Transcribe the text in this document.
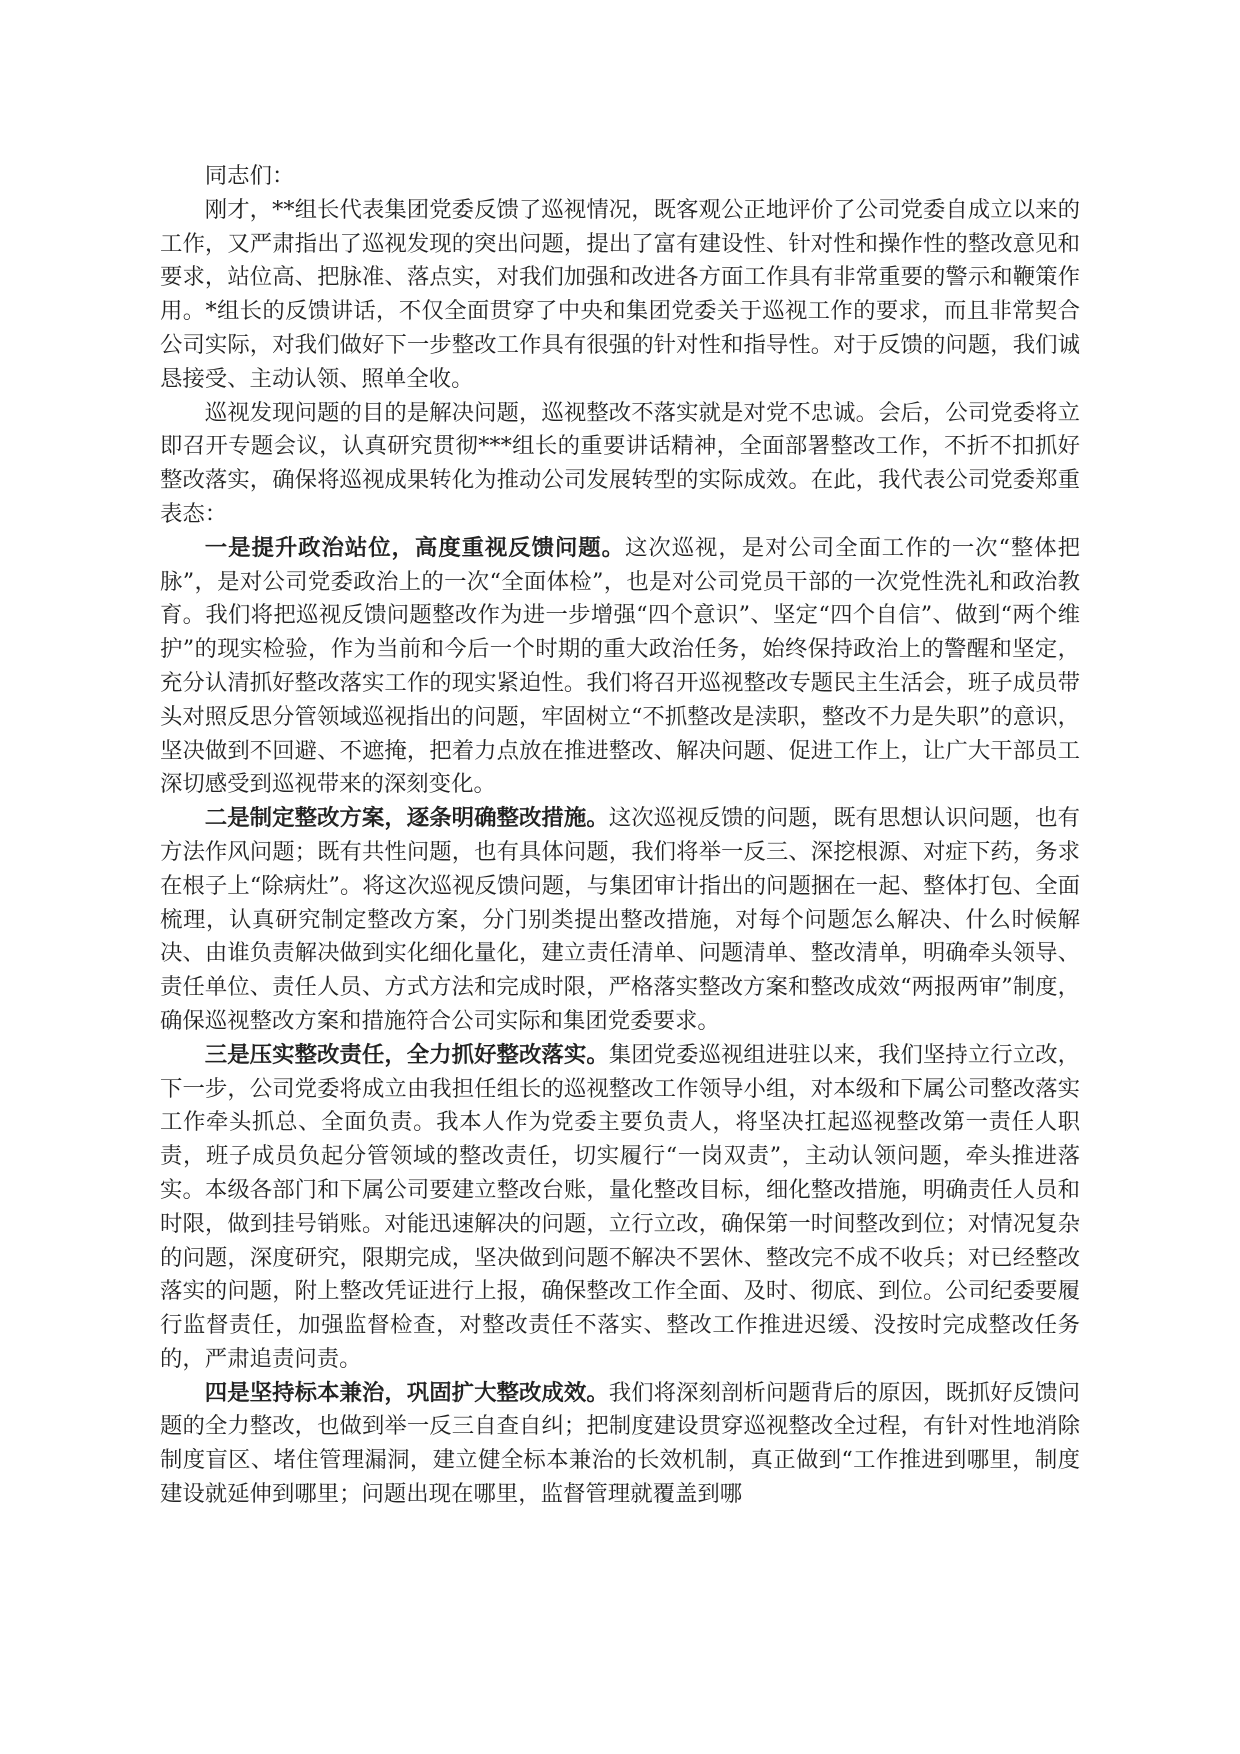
同志们：

刚才，**组长代表集团党委反馈了巡视情况，既客观公正地评价了公司党委自成立以来的工作，又严肃指出了巡视发现的突出问题，提出了富有建设性、针对性和操作性的整改意见和要求，站位高、把脉准、落点实，对我们加强和改进各方面工作具有非常重要的警示和鞭策作用。*组长的反馈讲话，不仅全面贯穿了中央和集团党委关于巡视工作的要求，而且非常契合公司实际，对我们做好下一步整改工作具有很强的针对性和指导性。对于反馈的问题，我们诚恳接受、主动认领、照单全收。

巡视发现问题的目的是解决问题，巡视整改不落实就是对党不忠诚。会后，公司党委将立即召开专题会议，认真研究贯彻***组长的重要讲话精神，全面部署整改工作，不折不扣抓好整改落实，确保将巡视成果转化为推动公司发展转型的实际成效。在此，我代表公司党委郑重表态：

一是提升政治站位，高度重视反馈问题。这次巡视，是对公司全面工作的一次“整体把脉”，是对公司党委政治上的一次“全面体检”，也是对公司党员干部的一次党性洗礼和政治教育。我们将把巡视反馈问题整改作为进一步增强“四个意识”、坚定“四个自信”、做到“两个维护”的现实检验，作为当前和今后一个时期的重大政治任务，始终保持政治上的警醒和坚定，充分认清抓好整改落实工作的现实紧迫性。我们将召开巡视整改专题民主生活会，班子成员带头对照反思分管领域巡视指出的问题，牢固树立“不抓整改是渎职，整改不力是失职”的意识，坚决做到不回避、不遮掩，把着力点放在推进整改、解决问题、促进工作上，让广大干部员工深切感受到巡视带来的深刻变化。

二是制定整改方案，逐条明确整改措施。这次巡视反馈的问题，既有思想认识问题，也有方法作风问题；既有共性问题，也有具体问题，我们将举一反三、深挖根源、对症下药，务求在根子上“除病灶”。将这次巡视反馈问题，与集团审计指出的问题捆在一起、整体打包、全面梳理，认真研究制定整改方案，分门别类提出整改措施，对每个问题怎么解决、什么时候解决、由谁负责解决做到实化细化量化，建立责任清单、问题清单、整改清单，明确牵头领导、责任单位、责任人员、方式方法和完成时限，严格落实整改方案和整改成效“两报两审”制度，确保巡视整改方案和措施符合公司实际和集团党委要求。

三是压实整改责任，全力抓好整改落实。集团党委巡视组进驻以来，我们坚持立行立改，下一步，公司党委将成立由我担任组长的巡视整改工作领导小组，对本级和下属公司整改落实工作牵头抓总、全面负责。我本人作为党委主要负责人，将坚决扛起巡视整改第一责任人职责，班子成员负起分管领域的整改责任，切实履行“一岗双责”，主动认领问题，牵头推进落实。本级各部门和下属公司要建立整改台账，量化整改目标，细化整改措施，明确责任人员和时限，做到挂号销账。对能迅速解决的问题，立行立改，确保第一时间整改到位；对情况复杂的问题，深度研究，限期完成，坚决做到问题不解决不罢休、整改完不成不收兵；对已经整改落实的问题，附上整改凭证进行上报，确保整改工作全面、及时、彻底、到位。公司纪委要履行监督责任，加强监督检查，对整改责任不落实、整改工作推进迟缓、没按时完成整改任务的，严肃追责问责。

四是坚持标本兼治，巩固扩大整改成效。我们将深刻剖析问题背后的原因，既抓好反馈问题的全力整改，也做到举一反三自查自纠；把制度建设贯穿巡视整改全过程，有针对性地消除制度盲区、堵住管理漏洞，建立健全标本兼治的长效机制，真正做到“工作推进到哪里，制度建设就延伸到哪里；问题出现在哪里，监督管理就覆盖到哪
